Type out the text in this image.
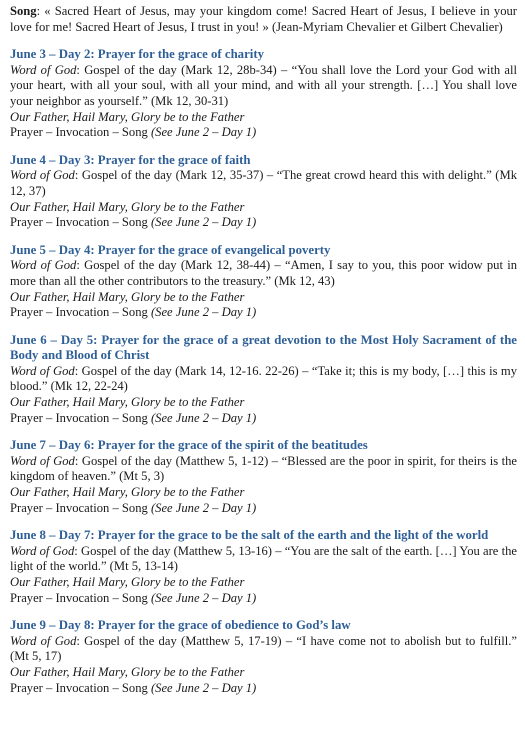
Song: « Sacred Heart of Jesus, may your kingdom come! Sacred Heart of Jesus, I believe in your love for me! Sacred Heart of Jesus, I trust in you! » (Jean-Myriam Chevalier et Gilbert Chevalier)

June 3 – Day 2: Prayer for the grace of charity

Word of God: Gospel of the day (Mark 12, 28b-34) – “You shall love the Lord your God with all your heart, with all your soul, with all your mind, and with all your strength. […] You shall love your neighbor as yourself.” (Mk 12, 30-31)

Our Father, Hail Mary, Glory be to the Father

Prayer – Invocation – Song (See June 2 – Day 1)

June 4 – Day 3: Prayer for the grace of faith

Word of God: Gospel of the day (Mark 12, 35-37) – “The great crowd heard this with delight.” (Mk 12, 37)

Our Father, Hail Mary, Glory be to the Father

Prayer – Invocation – Song (See June 2 – Day 1)

June 5 – Day 4: Prayer for the grace of evangelical poverty

Word of God: Gospel of the day (Mark 12, 38-44) – “Amen, I say to you, this poor widow put in more than all the other contributors to the treasury.” (Mk 12, 43)

Our Father, Hail Mary, Glory be to the Father

Prayer – Invocation – Song (See June 2 – Day 1)

June 6 – Day 5: Prayer for the grace of a great devotion to the Most Holy Sacrament of the Body and Blood of Christ

Word of God: Gospel of the day (Mark 14, 12-16. 22-26) – “Take it; this is my body, […] this is my blood.” (Mk 12, 22-24)

Our Father, Hail Mary, Glory be to the Father

Prayer – Invocation – Song (See June 2 – Day 1)

June 7 – Day 6: Prayer for the grace of the spirit of the beatitudes

Word of God: Gospel of the day (Matthew 5, 1-12) – “Blessed are the poor in spirit, for theirs is the kingdom of heaven.” (Mt 5, 3)

Our Father, Hail Mary, Glory be to the Father

Prayer – Invocation – Song (See June 2 – Day 1)

June 8 – Day 7: Prayer for the grace to be the salt of the earth and the light of the world

Word of God: Gospel of the day (Matthew 5, 13-16) – “You are the salt of the earth. […] You are the light of the world.” (Mt 5, 13-14)

Our Father, Hail Mary, Glory be to the Father

Prayer – Invocation – Song (See June 2 – Day 1)

June 9 – Day 8: Prayer for the grace of obedience to God’s law

Word of God: Gospel of the day (Matthew 5, 17-19) – “I have come not to abolish but to fulfill.” (Mt 5, 17)

Our Father, Hail Mary, Glory be to the Father

Prayer – Invocation – Song (See June 2 – Day 1)
